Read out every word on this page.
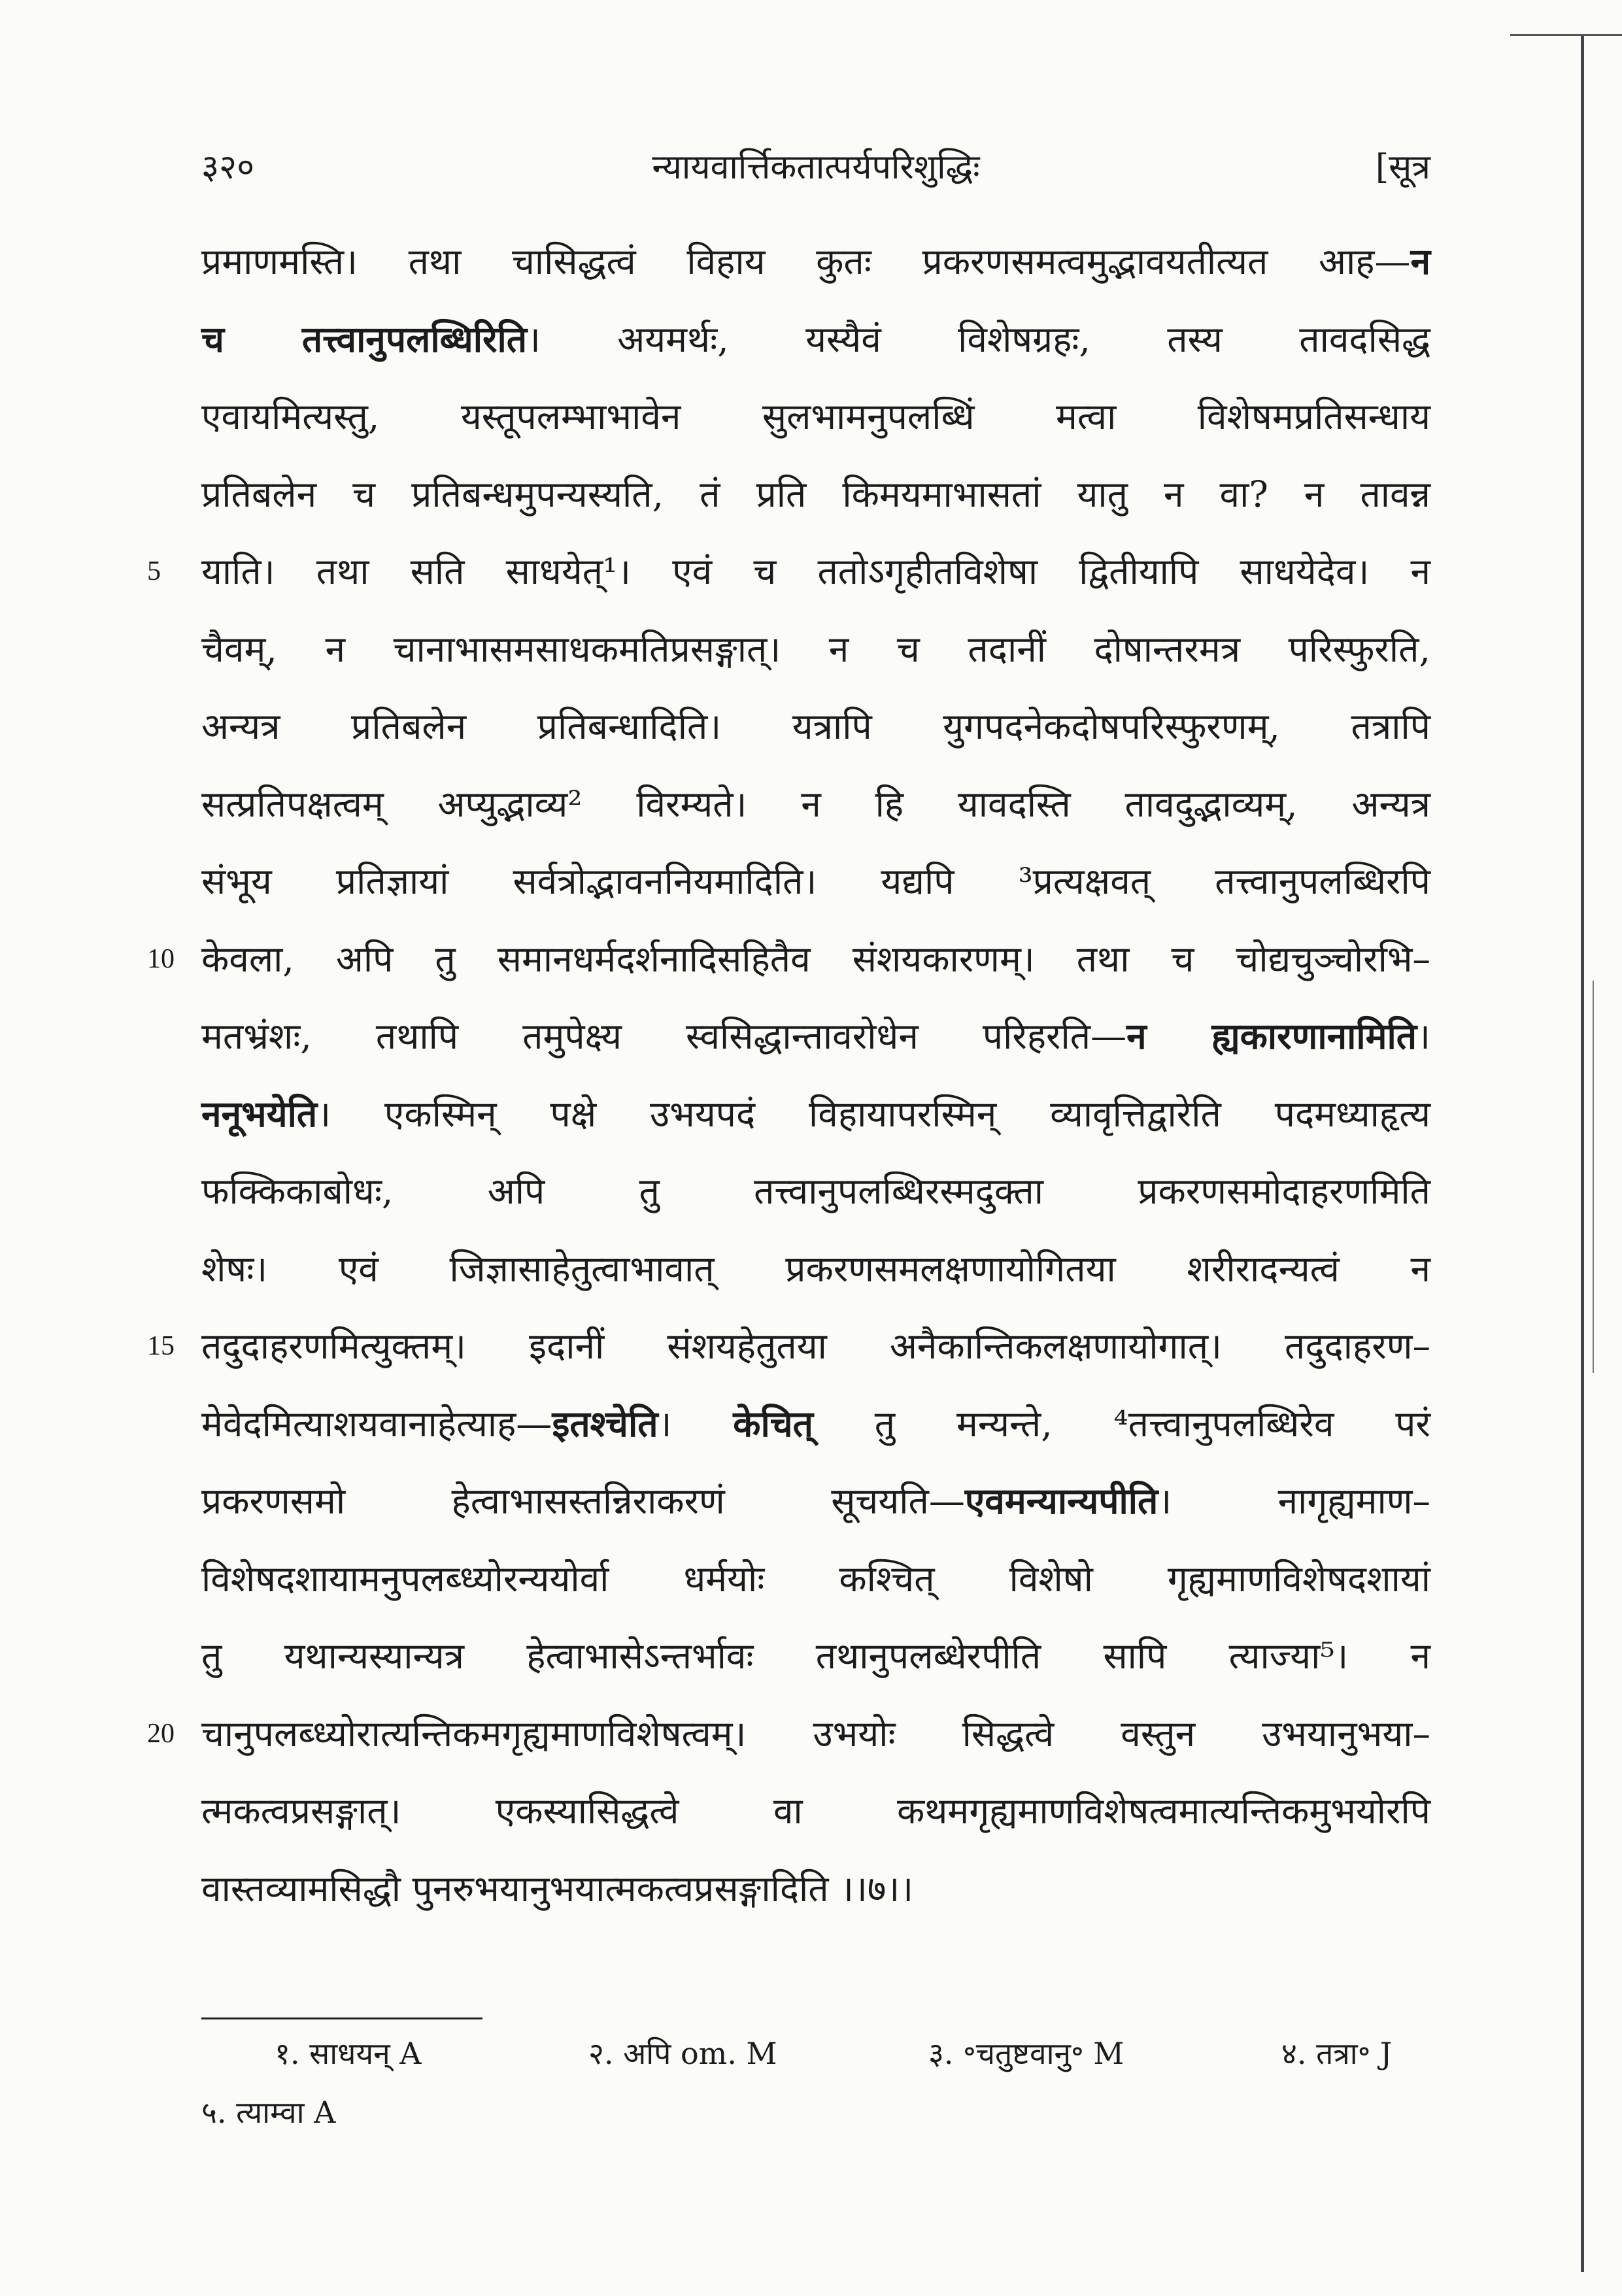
न्यायवार्त्तिकतात्पर्यपरिशुद्धिः
३२०	[सूत्र
प्रमाणमस्ति। तथा चासिद्धत्वं विहाय कुतः प्रकरणसमत्वमुद्भावयतीत्यत आह— न
च तत्त्वानुपलब्धिरिति । अयमर्थः, यस्यैवं विशेषग्रहः, तस्य तावदसिद्ध
एवायमित्यस्तु, यस्तूपलम्भाभावेन सुलभामनुपलब्धिं मत्वा विशेषमप्रतिसन्धाय
प्रतिबलेन च प्रतिबन्धमुपन्यस्यति, तं प्रति किमयमाभासतां यातु न वा? न तावन्न
5	याति। तथा सति साधयेत्¹। एवं च ततोऽगृहीतविशेषा द्वितीयापि साधयेदेव। न
चैवम्, न चानाभासमसाधकमतिप्रसङ्गात्। न च तदानीं दोषान्तरमत्र परिस्फुरति,
अन्यत्र प्रतिबलेन प्रतिबन्धादिति। यत्रापि युगपदनेकदोषपरिस्फुरणम्, तत्रापि
सत्प्रतिपक्षत्वम् अप्युद्भाव्य² विरम्यते। न हि यावदस्ति तावदुद्भाव्यम्, अन्यत्र
संभूय प्रतिज्ञायां सर्वत्रोद्भावननियमादिति। यद्यपि ³प्रत्यक्षवत् तत्त्वानुपलब्धिरपि
10 केवला, अपि तु समानधर्मदर्शनादिसहितैव संशयकारणम्। तथा च चोद्यचुञ्चोरभि–
मतभ्रंशः, तथापि तमुपेक्ष्य स्वसिद्धान्तावरोधेन परिहरति— न ह्यकारणानामिति ।
ननूभयेति । एकस्मिन् पक्षे उभयपदं विहायापरस्मिन् व्यावृत्तिद्वारेति पदमध्याहृत्य
फक्किकाबोधः, अपि तु तत्त्वानुपलब्धिरस्मदुक्ता प्रकरणसमोदाहरणमिति
शेषः। एवं जिज्ञासाहेतुत्वाभावात् प्रकरणसमलक्षणायोगितया शरीरादन्यत्वं न
15 तदुदाहरणमित्युक्तम्। इदानीं संशयहेतुतया अनैकान्तिकलक्षणायोगात्। तदुदाहरण–
मेवेदमित्याशयवानाहेत्याह— इतश्चेति । केचित् तु मन्यन्ते, ⁴तत्त्वानुपलब्धिरेव परं
प्रकरणसमो हेत्वाभासस्तन्निराकरणं सूचयति— एवमन्यान्यपीति । नागृह्यमाण–
विशेषदशायामनुपलब्ध्योरन्ययोर्वा धर्मयोः कश्चित् विशेषो गृह्यमाणविशेषदशायां
तु यथान्यस्यान्यत्र हेत्वाभासेऽन्तर्भावः तथानुपलब्धेरपीति सापि त्याज्या⁵। न
20 चानुपलब्ध्योरात्यन्तिकमगृह्यमाणविशेषत्वम्। उभयोः सिद्धत्वे वस्तुन उभयानुभया–
त्मकत्वप्रसङ्गात्। एकस्यासिद्धत्वे वा कथमगृह्यमाणविशेषत्वमात्यन्तिकमुभयोरपि
वास्तव्यामसिद्धौ पुनरुभयानुभयात्मकत्वप्रसङ्गादिति ।।७।।
१. साधयन् A	२. अपि om. M	३. ॰चतुष्टवानु॰ M	४. तत्रा॰ J
५. त्याम्वा A
